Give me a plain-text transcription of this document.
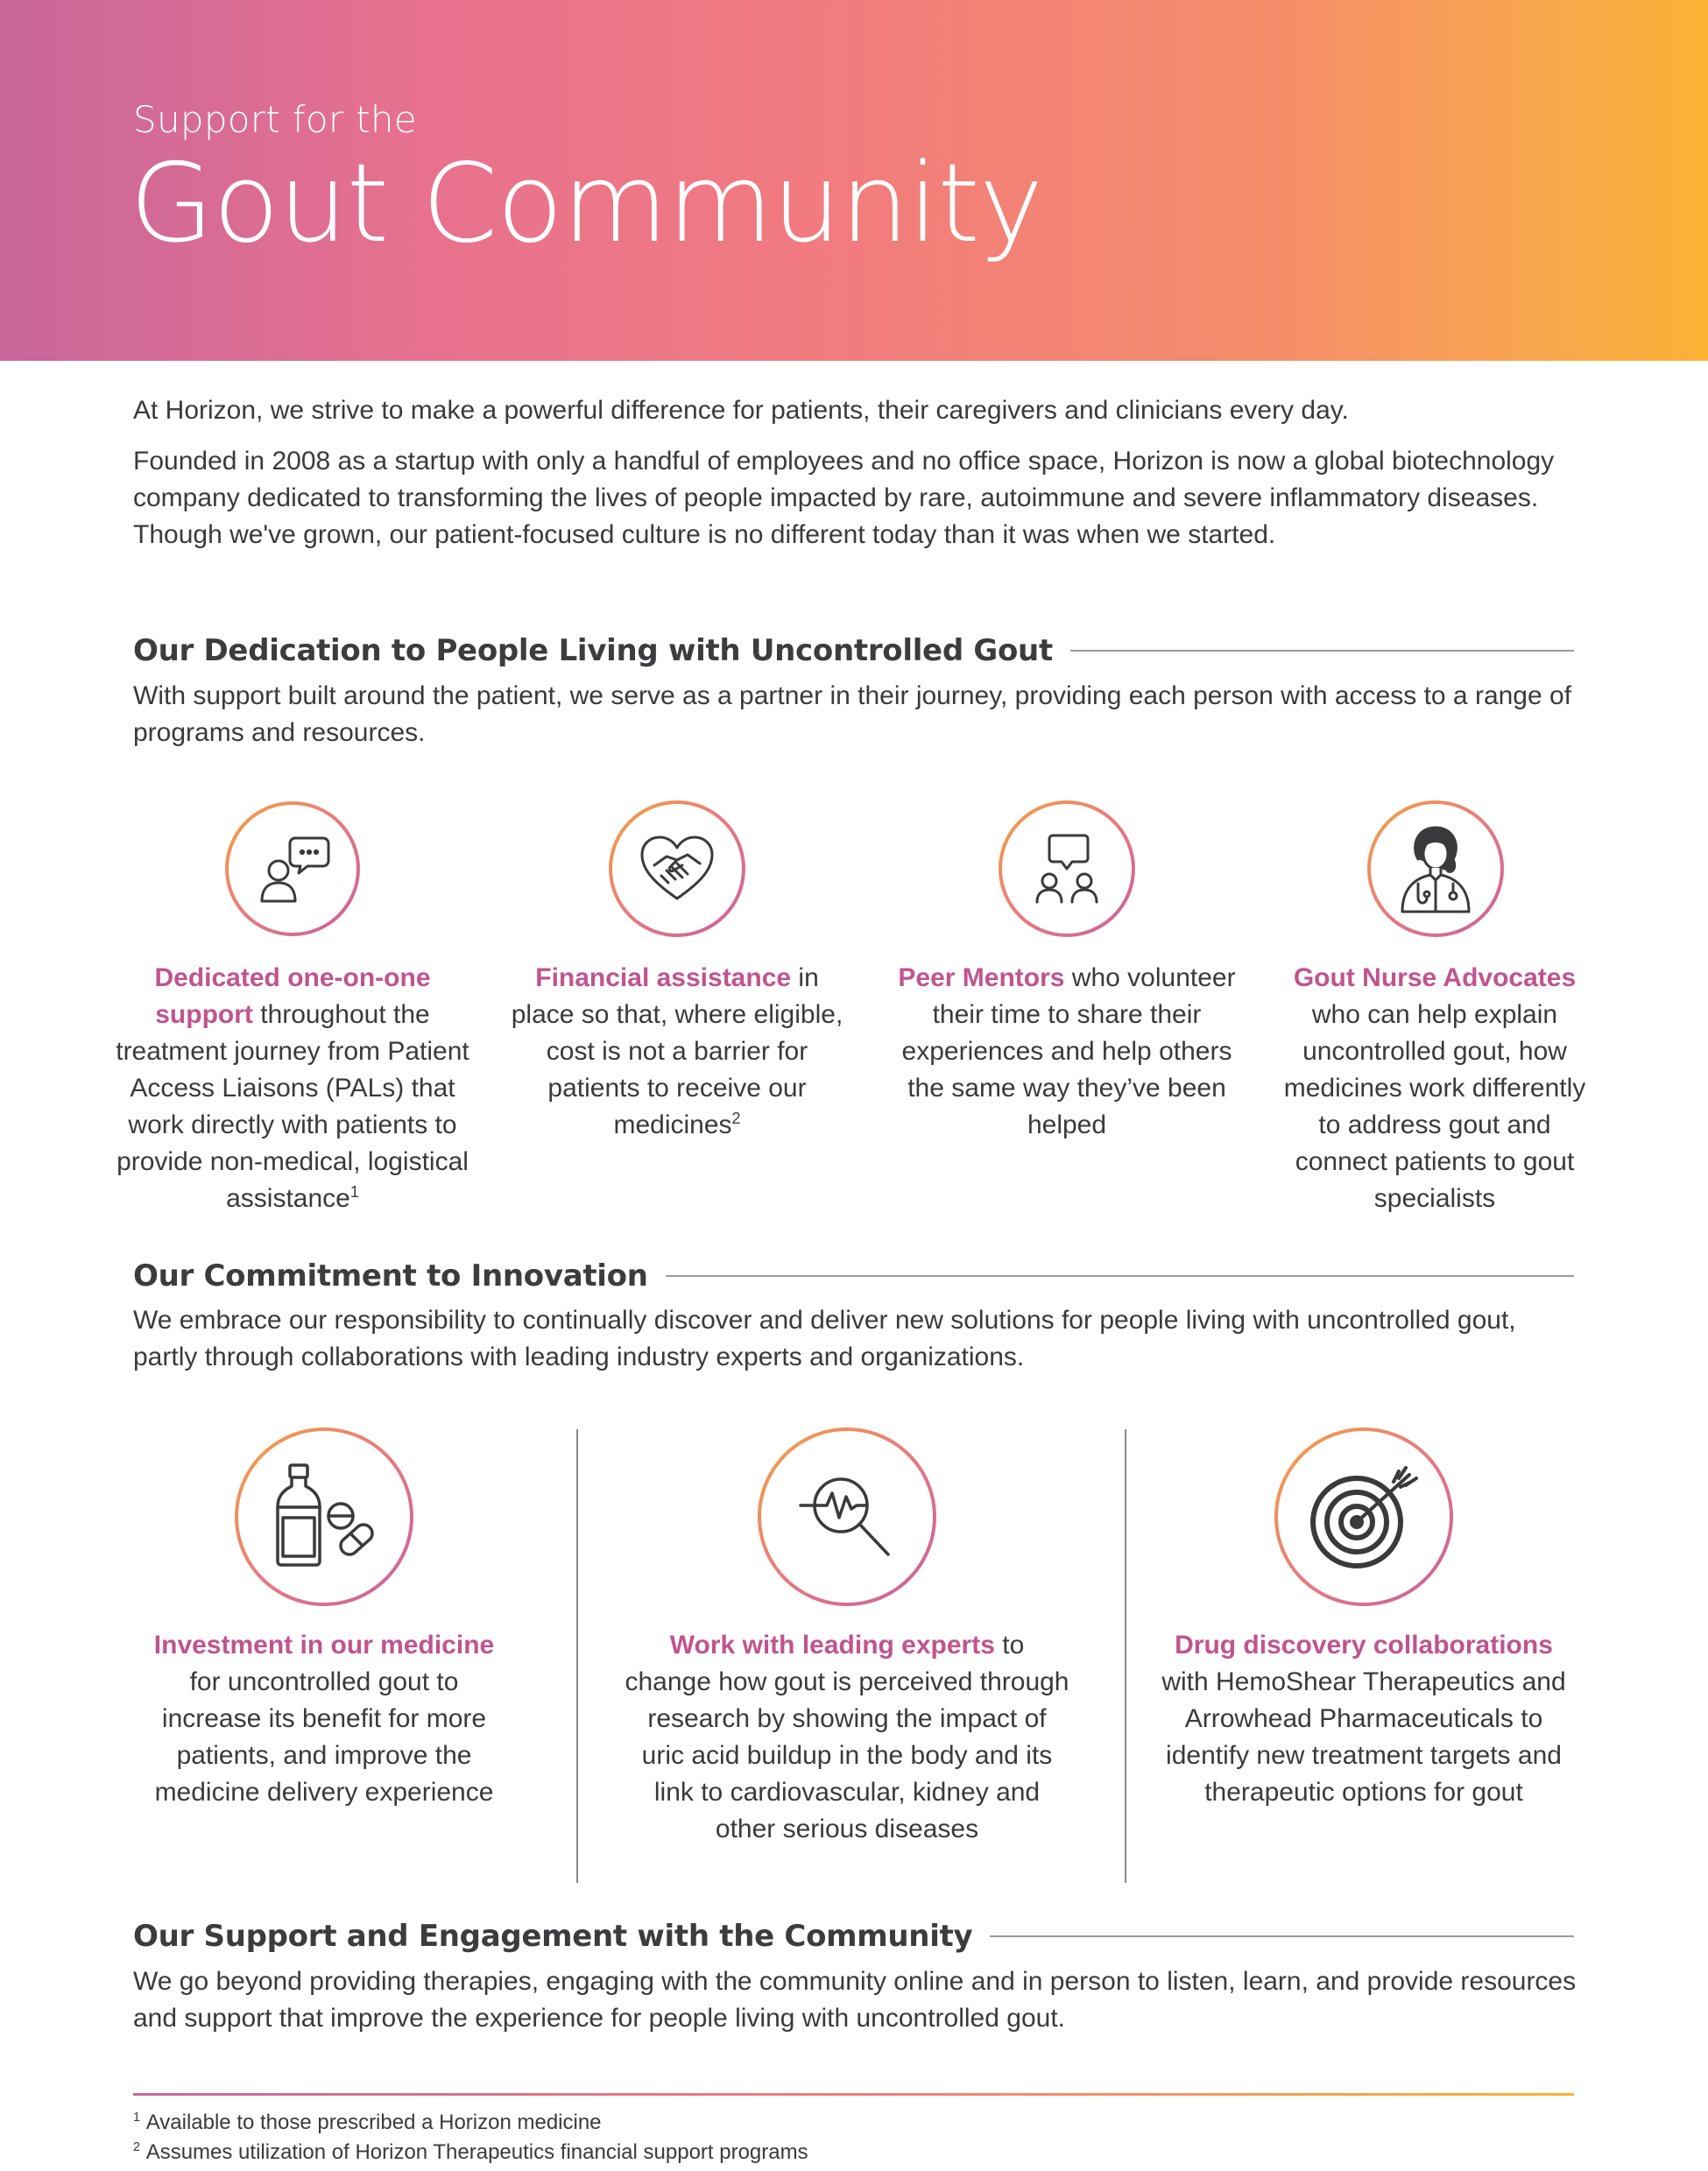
Support for the
Gout Community

At Horizon, we strive to make a powerful difference for patients, their caregivers and clinicians every day.

Founded in 2008 as a startup with only a handful of employees and no office space, Horizon is now a global biotechnology company dedicated to transforming the lives of people impacted by rare, autoimmune and severe inflammatory diseases. Though we've grown, our patient-focused culture is no different today than it was when we started.

Our Dedication to People Living with Uncontrolled Gout
With support built around the patient, we serve as a partner in their journey, providing each person with access to a range of programs and resources.
Dedicated one-on-one support throughout the treatment journey from Patient Access Liaisons (PALs) that work directly with patients to provide non-medical, logistical assistance$^1$
Financial assistance in place so that, where eligible, cost is not a barrier for patients to receive our medicines$^2$
Peer Mentors who volunteer their time to share their experiences and help others the same way they’ve been helped
Gout Nurse Advocates who can help explain uncontrolled gout, how medicines work differently to address gout and connect patients to gout specialists
Our Commitment to Innovation
We embrace our responsibility to continually discover and deliver new solutions for people living with uncontrolled gout, partly through collaborations with leading industry experts and organizations.
Investment in our medicine for uncontrolled gout to increase its benefit for more patients, and improve the medicine delivery experience
Work with leading experts to change how gout is perceived through research by showing the impact of uric acid buildup in the body and its link to cardiovascular, kidney and other serious diseases
Drug discovery collaborations with HemoShear Therapeutics and Arrowhead Pharmaceuticals to identify new treatment targets and therapeutic options for gout
Our Support and Engagement with the Community
We go beyond providing therapies, engaging with the community online and in person to listen, learn, and provide resources and support that improve the experience for people living with uncontrolled gout.
$^1$ Available to those prescribed a Horizon medicine
$^2$ Assumes utilization of Horizon Therapeutics financial support programs
